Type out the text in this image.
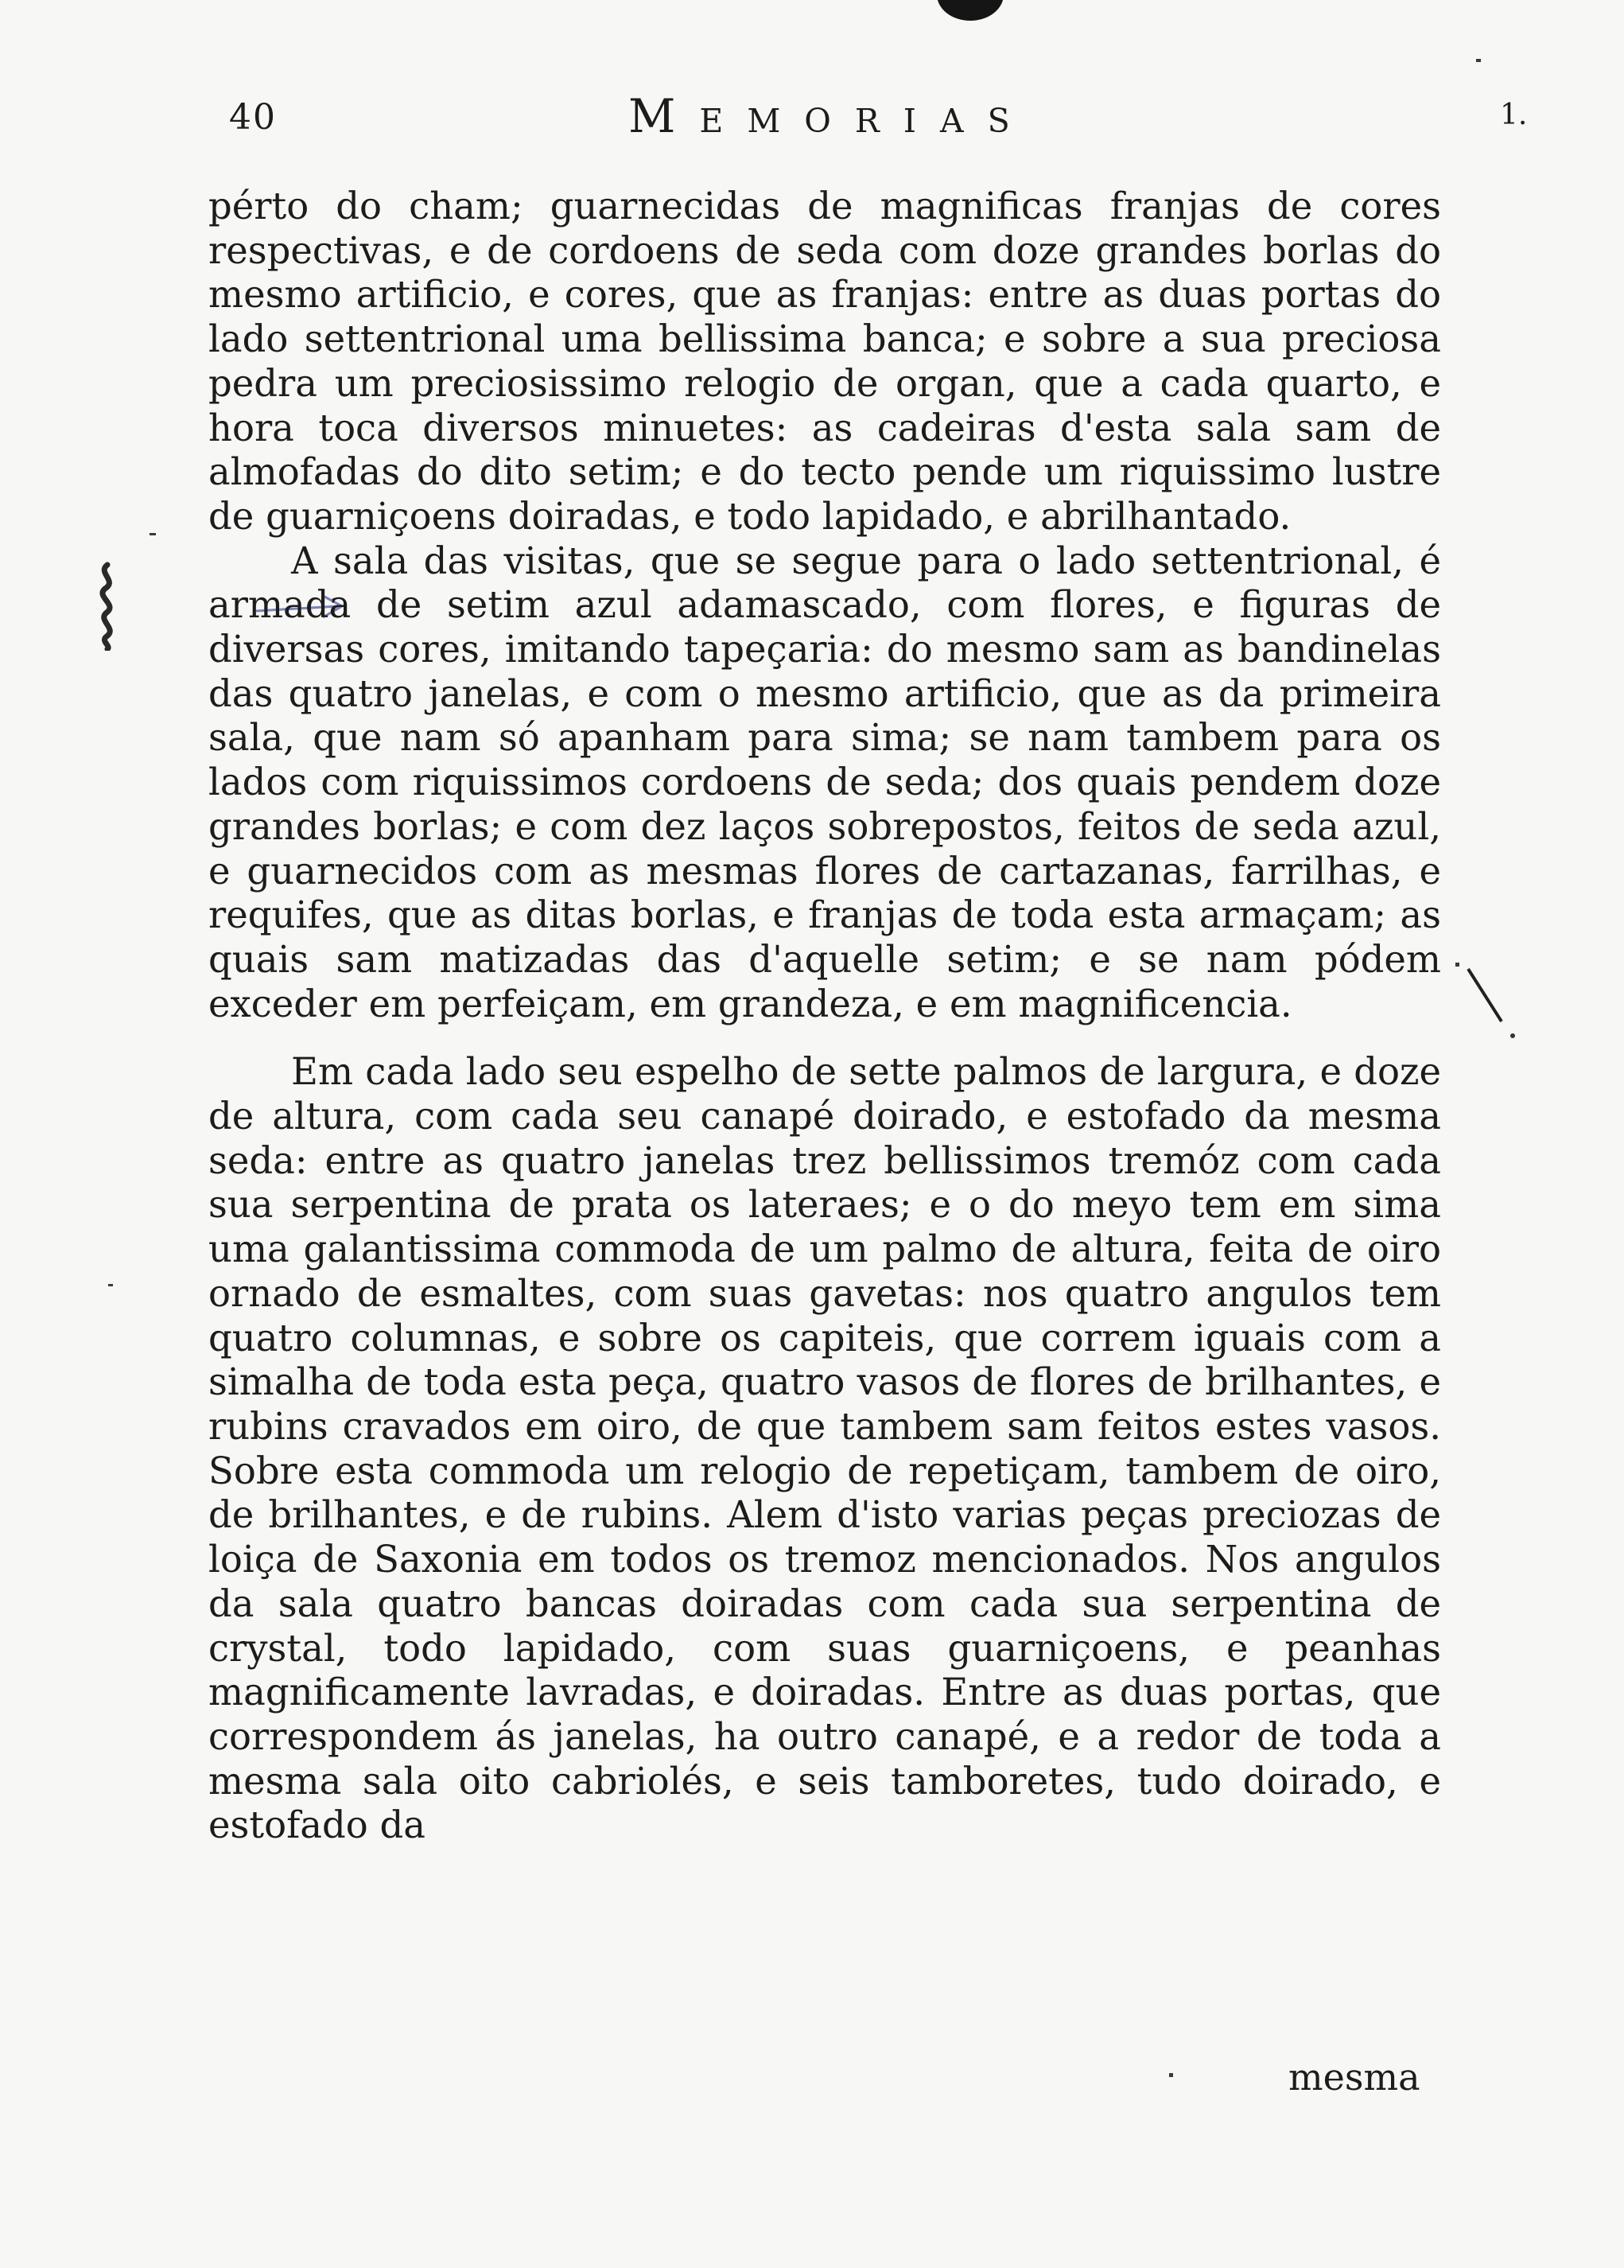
40	Memorias	1.

pérto do cham; guarnecidas de magnificas franjas de cores respectivas, e de cordoens de seda com doze grandes borlas do mesmo artificio, e cores, que as franjas: entre as duas portas do lado settentrional uma bellissima banca; e sobre a sua preciosa pedra um preciosissimo relogio de organ, que a cada quarto, e hora toca diversos minuetes: as cadeiras d'esta sala sam de almofadas do dito setim; e do tecto pende um riquissimo lustre de guarniçoens doiradas, e todo lapidado, e abrilhantado.

A sala das visitas, que se segue para o lado settentrional, é armada de setim azul adamascado, com flores, e figuras de diversas cores, imitando tapeçaria: do mesmo sam as bandinelas das quatro janelas, e com o mesmo artificio, que as da primeira sala, que nam só apanham para sima; se nam tambem para os lados com riquissimos cordoens de seda; dos quais pendem doze grandes borlas; e com dez laços sobrepostos, feitos de seda azul, e guarnecidos com as mesmas flores de cartazanas, farrilhas, e requifes, que as ditas borlas, e franjas de toda esta armaçam; as quais sam matizadas das d'aquelle setim; e se nam pódem exceder em perfeiçam, em grandeza, e em magnificencia.

Em cada lado seu espelho de sette palmos de largura, e doze de altura, com cada seu canapé doirado, e estofado da mesma seda: entre as quatro janelas trez bellissimos tremóz com cada sua serpentina de prata os lateraes; e o do meyo tem em sima uma galantissima commoda de um palmo de altura, feita de oiro ornado de esmaltes, com suas gavetas: nos quatro angulos tem quatro columnas, e sobre os capiteis, que correm iguais com a simalha de toda esta peça, quatro vasos de flores de brilhantes, e rubins cravados em oiro, de que tambem sam feitos estes vasos. Sobre esta commoda um relogio de repetiçam, tambem de oiro, de brilhantes, e de rubins. Alem d'isto varias peças preciozas de loiça de Saxonia em todos os tremoz mencionados. Nos angulos da sala quatro bancas doiradas com cada sua serpentina de crystal, todo lapidado, com suas guarniçoens, e peanhas magnificamente lavradas, e doiradas. Entre as duas portas, que correspondem ás janelas, ha outro canapé, e a redor de toda a mesma sala oito cabriolés, e seis tamboretes, tudo doirado, e estofado da

mesma
